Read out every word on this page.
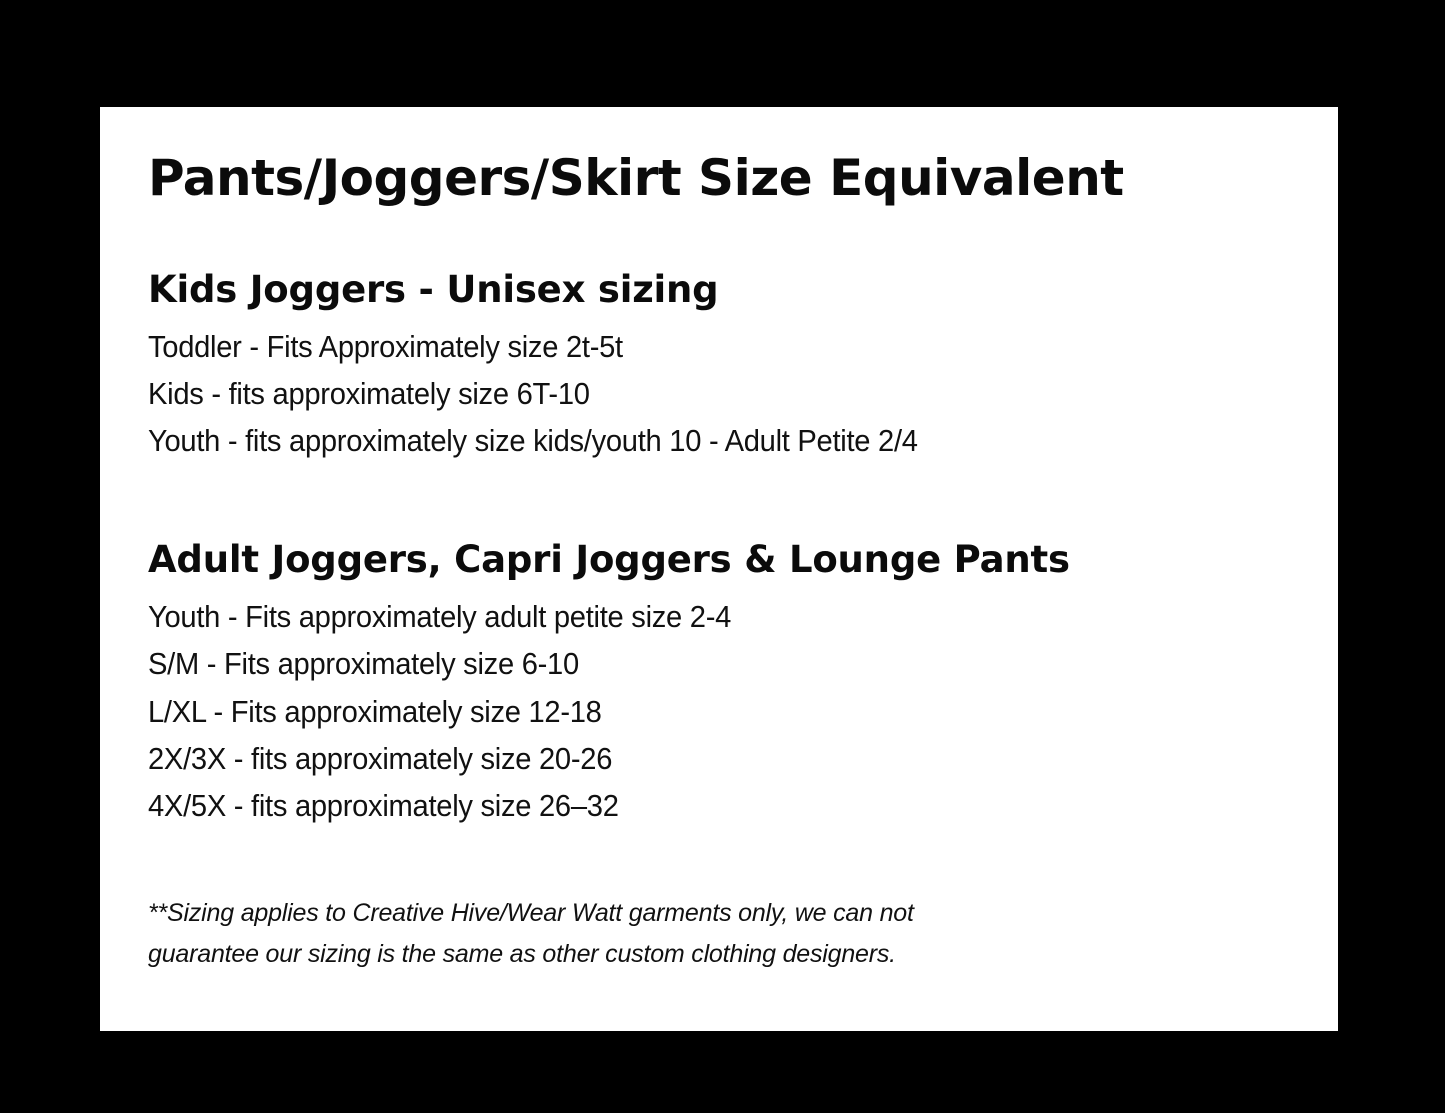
Pants/Joggers/Skirt Size Equivalent
Kids Joggers - Unisex sizing
Toddler - Fits Approximately size 2t-5t
Kids - fits approximately size 6T-10
Youth - fits approximately size kids/youth 10 - Adult Petite 2/4
Adult Joggers, Capri Joggers & Lounge Pants
Youth - Fits approximately adult petite size 2-4
S/M - Fits approximately size 6-10
L/XL - Fits approximately size 12-18
2X/3X - fits approximately size 20-26
4X/5X - fits approximately size 26–32
**Sizing applies to Creative Hive/Wear Watt garments only, we can not
guarantee our sizing is the same as other custom clothing designers.
